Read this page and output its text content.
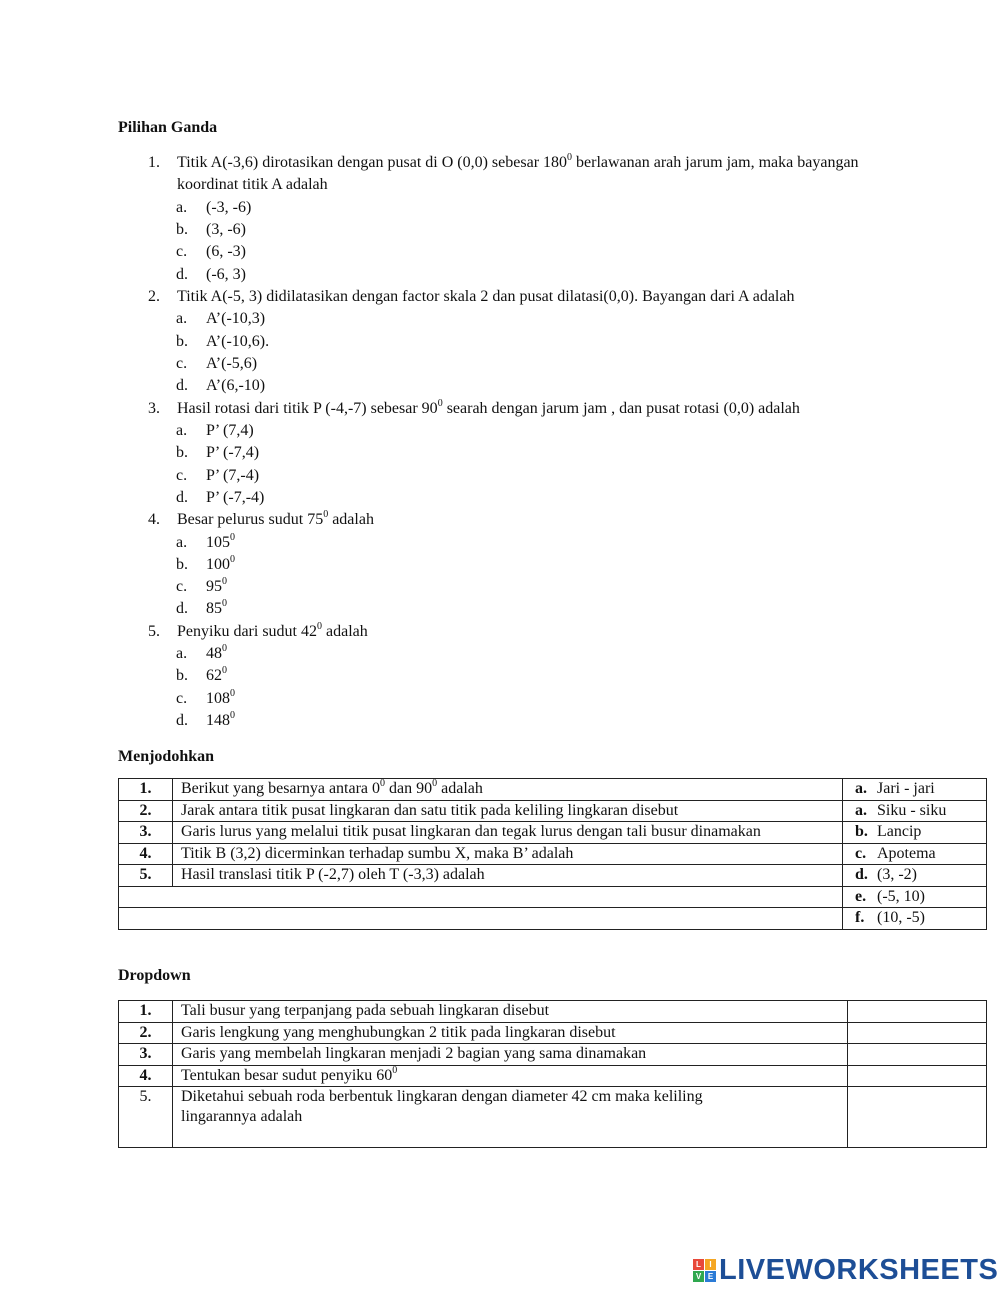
Pilihan Ganda
1. Titik A(-3,6) dirotasikan dengan pusat di O (0,0) sebesar $180^0$ berlawanan arah jarum jam, maka bayangan koordinat titik A adalah
a. (-3, -6)
b. (3, -6)
c. (6, -3)
d. (-6, 3)
2. Titik A(-5, 3) didilatasikan dengan factor skala 2 dan pusat dilatasi(0,0). Bayangan dari A adalah
a. A’(-10,3)
b. A’(-10,6).
c. A’(-5,6)
d. A’(6,-10)
3. Hasil rotasi dari titik P (-4,-7) sebesar $90^0$ searah dengan jarum jam , dan pusat rotasi (0,0) adalah
a. P’ (7,4)
b. P’ (-7,4)
c. P’ (7,-4)
d. P’ (-7,-4)
4. Besar pelurus sudut $75^0$ adalah
a. $105^0$
b. $100^0$
c. $95^0$
d. $85^0$
5. Penyiku dari sudut $42^0$ adalah
a. $48^0$
b. $62^0$
c. $108^0$
d. $148^0$
Menjodohkan
1.	Berikut yang besarnya antara $0^0$ dan $90^0$ adalah	a. Jari - jari
2.	Jarak antara titik pusat lingkaran dan satu titik pada keliling lingkaran disebut	a. Siku - siku
3.	Garis lurus yang melalui titik pusat lingkaran dan tegak lurus dengan tali busur dinamakan	b. Lancip
4.	Titik B (3,2) dicerminkan terhadap sumbu X, maka B’ adalah	c. Apotema
5.	Hasil translasi titik P (-2,7) oleh T (-3,3) adalah	d. (3, -2)
		e. (-5, 10)
		f. (10, -5)
Dropdown
1.	Tali busur yang terpanjang pada sebuah lingkaran disebut	
2.	Garis lengkung yang menghubungkan 2 titik pada lingkaran disebut	
3.	Garis yang membelah lingkaran menjadi 2 bagian yang sama dinamakan	
4.	Tentukan besar sudut penyiku $60^0$	
5.	Diketahui sebuah roda berbentuk lingkaran dengan diameter 42 cm maka keliling
lingarannya adalah	
L	I
V E LIVEWORKSHEETS
